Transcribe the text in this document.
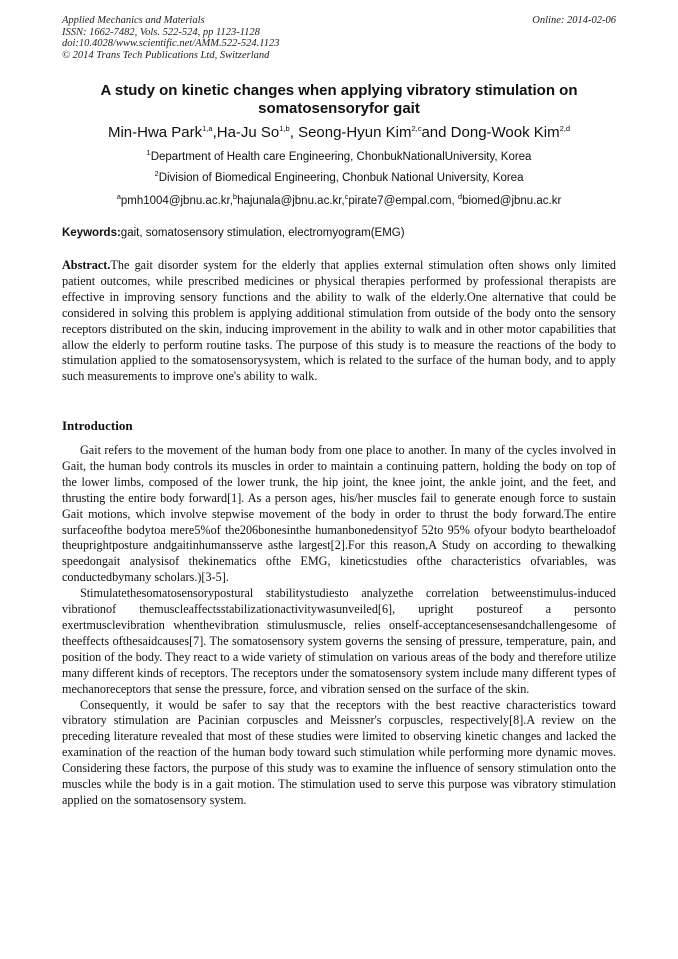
Applied Mechanics and Materials
ISSN: 1662-7482, Vols. 522-524, pp 1123-1128
doi:10.4028/www.scientific.net/AMM.522-524.1123
© 2014 Trans Tech Publications Ltd, Switzerland
Online: 2014-02-06
A study on kinetic changes when applying vibratory stimulation on
somatosensoryfor gait
Min-Hwa Park$^{1,a}$,Ha-Ju So$^{1,b}$, Seong-Hyun Kim$^{2,c}$and Dong-Wook Kim$^{2,d}$
$^1$Department of Health care Engineering, ChonbukNationalUniversity, Korea
$^2$Division of Biomedical Engineering, Chonbuk National University, Korea
$^a$pmh1004@jbnu.ac.kr,$^b$hajunala@jbnu.ac.kr,$^c$pirate7@empal.com, $^d$biomed@jbnu.ac.kr
Keywords:gait, somatosensory stimulation, electromyogram(EMG)

Abstract.The gait disorder system for the elderly that applies external stimulation often shows only limited patient outcomes, while prescribed medicines or physical therapies performed by professional therapists are effective in improving sensory functions and the ability to walk of the elderly.One alternative that could be considered in solving this problem is applying additional stimulation from outside of the body onto the sensory receptors distributed on the skin, inducing improvement in the ability to walk and in other motor capabilities that allow the elderly to perform routine tasks. The purpose of this study is to measure the reactions of the body to stimulation applied to the somatosensorysystem, which is related to the surface of the human body, and to apply such measurements to improve one's ability to walk.

Introduction

Gait refers to the movement of the human body from one place to another. In many of the cycles involved in Gait, the human body controls its muscles in order to maintain a continuing pattern, holding the body on top of the lower limbs, composed of the lower trunk, the hip joint, the knee joint, the ankle joint, and the feet, and thrusting the entire body forward[1]. As a person ages, his/her muscles fail to generate enough force to sustain Gait motions, which involve stepwise movement of the body in order to thrust the body forward.The entire surfaceofthe bodytoa mere5%of the206bonesinthe humanbonedensityof 52to 95% ofyour bodyto beartheloadof theuprightposture andgaitinhumansserve asthe largest[2].For this reason,A Study on according to thewalking speedongait analysisof thekinematics ofthe EMG, kineticstudies ofthe characteristics ofvariables, was conductedbymany scholars.)[3-5].

Stimulatethesomatosensorypostural stabilitystudiesto analyzethe correlation betweenstimulus-induced vibrationof themuscleaffectsstabilizationactivitywasunveiled[6], upright postureof a personto exertmusclevibration whenthevibration stimulusmuscle, relies onself-acceptancesensesandchallengesome of theeffects ofthesaidcauses[7]. The somatosensory system governs the sensing of pressure, temperature, pain, and position of the body. They react to a wide variety of stimulation on various areas of the body and therefore utilize many different kinds of receptors. The receptors under the somatosensory system include many different types of mechanoreceptors that sense the pressure, force, and vibration sensed on the surface of the skin.

Consequently, it would be safer to say that the receptors with the best reactive characteristics toward vibratory stimulation are Pacinian corpuscles and Meissner's corpuscles, respectively[8].A review on the preceding literature revealed that most of these studies were limited to observing kinetic changes and lacked the examination of the reaction of the human body toward such stimulation while performing more dynamic moves. Considering these factors, the purpose of this study was to examine the influence of sensory stimulation onto the muscles while the body is in a gait motion. The stimulation used to serve this purpose was vibratory stimulation applied on the somatosensory system.
